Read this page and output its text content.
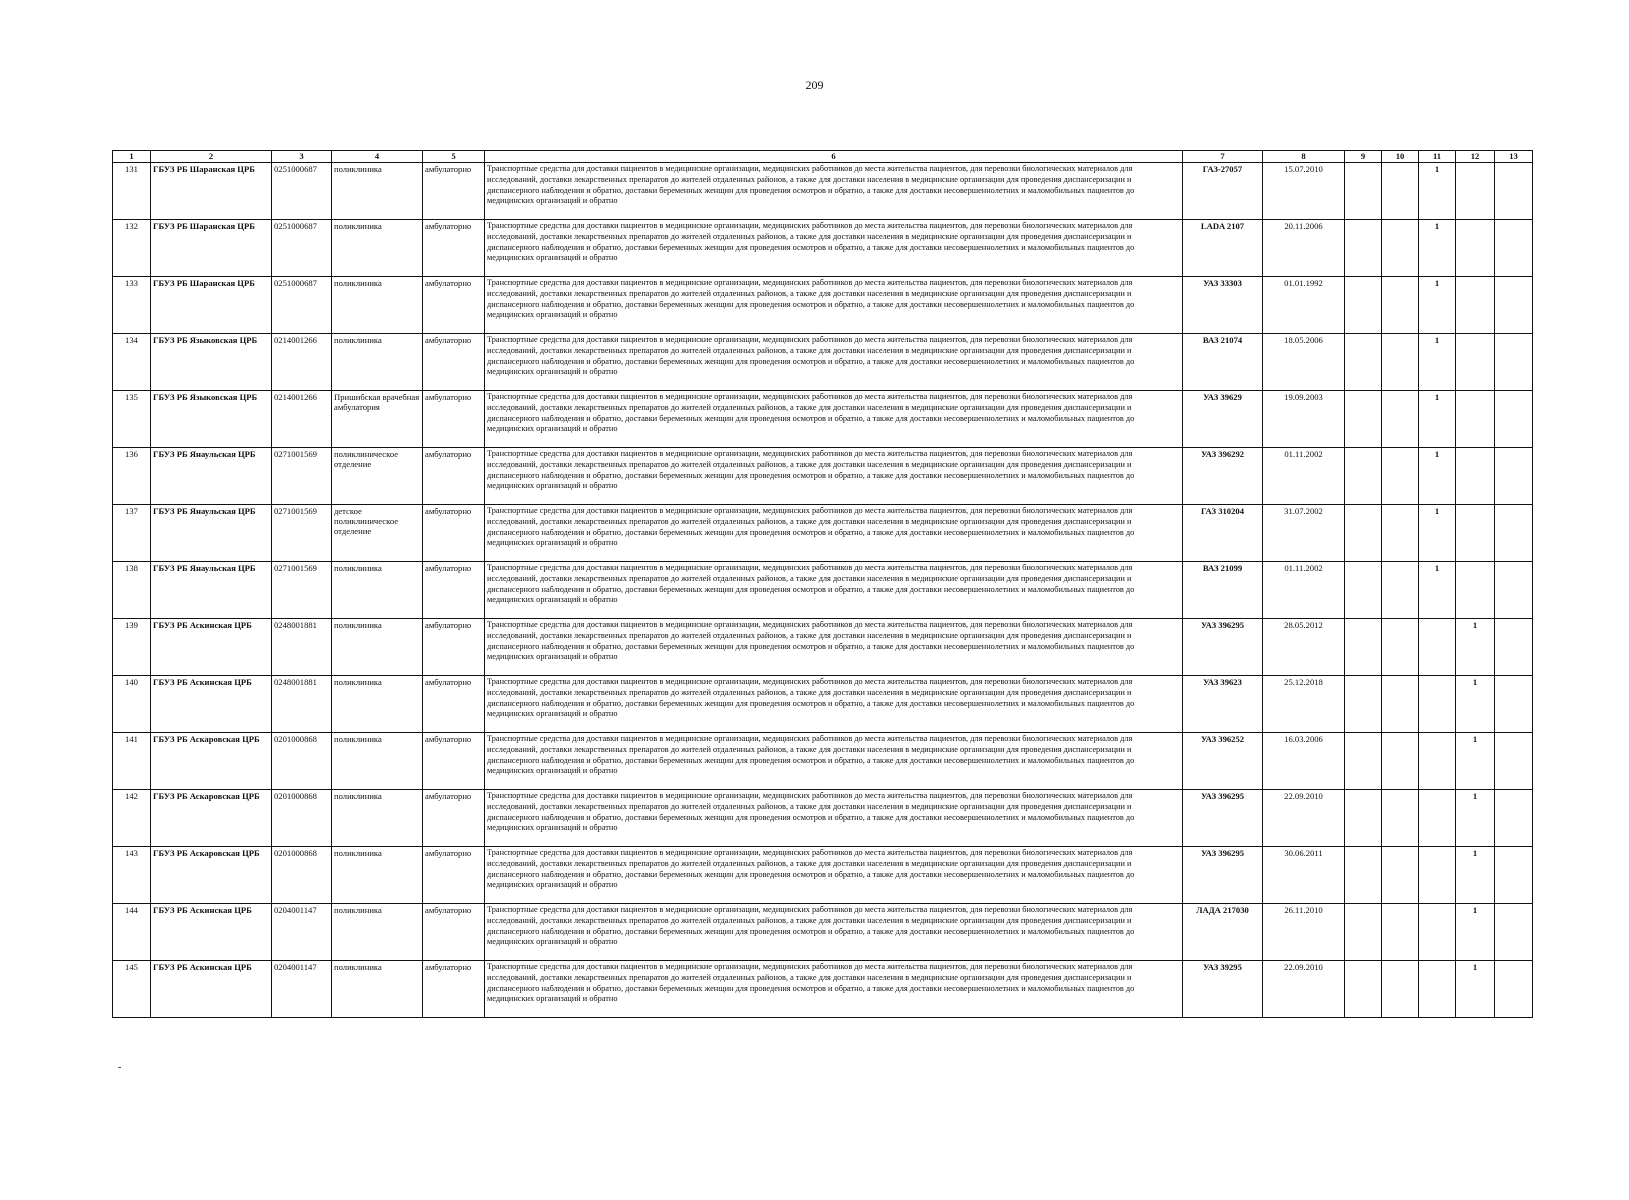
209
1	2	3	4	5	6	7	8	9	10	11	12	13
131	ГБУЗ РБ Шаранская ЦРБ	0251000687	поликлиника	амбулаторно	Транспортные средства для доставки пациентов в медицинские организации, медицинских работников до места жительства пациентов, для перевозки биологических материалов для исследований, доставки лекарственных препаратов до жителей отдаленных районов, а также для доставки населения в медицинские организации для проведения диспансеризации и диспансерного наблюдения и обратно, доставки беременных женщин для проведения осмотров и обратно, а также для доставки несовершеннолетних и маломобильных пациентов до медицинских организаций и обратно	ГАЗ-27057	15.07.2010			1		
132	ГБУЗ РБ Шаранская ЦРБ	0251000687	поликлиника	амбулаторно	Транспортные средства для доставки пациентов в медицинские организации, медицинских работников до места жительства пациентов, для перевозки биологических материалов для исследований, доставки лекарственных препаратов до жителей отдаленных районов, а также для доставки населения в медицинские организации для проведения диспансеризации и диспансерного наблюдения и обратно, доставки беременных женщин для проведения осмотров и обратно, а также для доставки несовершеннолетних и маломобильных пациентов до медицинских организаций и обратно	LADA 2107	20.11.2006			1		
133	ГБУЗ РБ Шаранская ЦРБ	0251000687	поликлиника	амбулаторно	Транспортные средства для доставки пациентов в медицинские организации, медицинских работников до места жительства пациентов, для перевозки биологических материалов для исследований, доставки лекарственных препаратов до жителей отдаленных районов, а также для доставки населения в медицинские организации для проведения диспансеризации и диспансерного наблюдения и обратно, доставки беременных женщин для проведения осмотров и обратно, а также для доставки несовершеннолетних и маломобильных пациентов до медицинских организаций и обратно	УАЗ 33303	01.01.1992			1		
134	ГБУЗ РБ Языковская ЦРБ	0214001266	поликлиника	амбулаторно	Транспортные средства для доставки пациентов в медицинские организации, медицинских работников до места жительства пациентов, для перевозки биологических материалов для исследований, доставки лекарственных препаратов до жителей отдаленных районов, а также для доставки населения в медицинские организации для проведения диспансеризации и диспансерного наблюдения и обратно, доставки беременных женщин для проведения осмотров и обратно, а также для доставки несовершеннолетних и маломобильных пациентов до медицинских организаций и обратно	ВАЗ 21074	18.05.2006			1		
135	ГБУЗ РБ Языковская ЦРБ	0214001266	Пришибская врачебная амбулатория	амбулаторно	Транспортные средства для доставки пациентов в медицинские организации, медицинских работников до места жительства пациентов, для перевозки биологических материалов для исследований, доставки лекарственных препаратов до жителей отдаленных районов, а также для доставки населения в медицинские организации для проведения диспансеризации и диспансерного наблюдения и обратно, доставки беременных женщин для проведения осмотров и обратно, а также для доставки несовершеннолетних и маломобильных пациентов до медицинских организаций и обратно	УАЗ 39629	19.09.2003			1		
136	ГБУЗ РБ Янаульская ЦРБ	0271001569	поликлиническое отделение	амбулаторно	Транспортные средства для доставки пациентов в медицинские организации, медицинских работников до места жительства пациентов, для перевозки биологических материалов для исследований, доставки лекарственных препаратов до жителей отдаленных районов, а также для доставки населения в медицинские организации для проведения диспансеризации и диспансерного наблюдения и обратно, доставки беременных женщин для проведения осмотров и обратно, а также для доставки несовершеннолетних и маломобильных пациентов до медицинских организаций и обратно	УАЗ 396292	01.11.2002			1		
137	ГБУЗ РБ Янаульская ЦРБ	0271001569	детское поликлиническое отделение	амбулаторно	Транспортные средства для доставки пациентов в медицинские организации, медицинских работников до места жительства пациентов, для перевозки биологических материалов для исследований, доставки лекарственных препаратов до жителей отдаленных районов, а также для доставки населения в медицинские организации для проведения диспансеризации и диспансерного наблюдения и обратно, доставки беременных женщин для проведения осмотров и обратно, а также для доставки несовершеннолетних и маломобильных пациентов до медицинских организаций и обратно	ГАЗ 310204	31.07.2002			1		
138	ГБУЗ РБ Янаульская ЦРБ	0271001569	поликлиника	амбулаторно	Транспортные средства для доставки пациентов в медицинские организации, медицинских работников до места жительства пациентов, для перевозки биологических материалов для исследований, доставки лекарственных препаратов до жителей отдаленных районов, а также для доставки населения в медицинские организации для проведения диспансеризации и диспансерного наблюдения и обратно, доставки беременных женщин для проведения осмотров и обратно, а также для доставки несовершеннолетних и маломобильных пациентов до медицинских организаций и обратно	ВАЗ 21099	01.11.2002			1		
139	ГБУЗ РБ Аскинская ЦРБ	0248001881	поликлиника	амбулаторно	Транспортные средства для доставки пациентов в медицинские организации, медицинских работников до места жительства пациентов, для перевозки биологических материалов для исследований, доставки лекарственных препаратов до жителей отдаленных районов, а также для доставки населения в медицинские организации для проведения диспансеризации и диспансерного наблюдения и обратно, доставки беременных женщин для проведения осмотров и обратно, а также для доставки несовершеннолетних и маломобильных пациентов до медицинских организаций и обратно	УАЗ 396295	28.05.2012				1	
140	ГБУЗ РБ Аскинская ЦРБ	0248001881	поликлиника	амбулаторно	Транспортные средства для доставки пациентов в медицинские организации, медицинских работников до места жительства пациентов, для перевозки биологических материалов для исследований, доставки лекарственных препаратов до жителей отдаленных районов, а также для доставки населения в медицинские организации для проведения диспансеризации и диспансерного наблюдения и обратно, доставки беременных женщин для проведения осмотров и обратно, а также для доставки несовершеннолетних и маломобильных пациентов до медицинских организаций и обратно	УАЗ 39623	25.12.2018				1	
141	ГБУЗ РБ Аскаровская ЦРБ	0201000868	поликлиника	амбулаторно	Транспортные средства для доставки пациентов в медицинские организации, медицинских работников до места жительства пациентов, для перевозки биологических материалов для исследований, доставки лекарственных препаратов до жителей отдаленных районов, а также для доставки населения в медицинские организации для проведения диспансеризации и диспансерного наблюдения и обратно, доставки беременных женщин для проведения осмотров и обратно, а также для доставки несовершеннолетних и маломобильных пациентов до медицинских организаций и обратно	УАЗ 396252	16.03.2006				1	
142	ГБУЗ РБ Аскаровская ЦРБ	0201000868	поликлиника	амбулаторно	Транспортные средства для доставки пациентов в медицинские организации, медицинских работников до места жительства пациентов, для перевозки биологических материалов для исследований, доставки лекарственных препаратов до жителей отдаленных районов, а также для доставки населения в медицинские организации для проведения диспансеризации и диспансерного наблюдения и обратно, доставки беременных женщин для проведения осмотров и обратно, а также для доставки несовершеннолетних и маломобильных пациентов до медицинских организаций и обратно	УАЗ 396295	22.09.2010				1	
143	ГБУЗ РБ Аскаровская ЦРБ	0201000868	поликлиника	амбулаторно	Транспортные средства для доставки пациентов в медицинские организации, медицинских работников до места жительства пациентов, для перевозки биологических материалов для исследований, доставки лекарственных препаратов до жителей отдаленных районов, а также для доставки населения в медицинские организации для проведения диспансеризации и диспансерного наблюдения и обратно, доставки беременных женщин для проведения осмотров и обратно, а также для доставки несовершеннолетних и маломобильных пациентов до медицинских организаций и обратно	УАЗ 396295	30.06.2011				1	
144	ГБУЗ РБ Аскинская ЦРБ	0204001147	поликлиника	амбулаторно	Транспортные средства для доставки пациентов в медицинские организации, медицинских работников до места жительства пациентов, для перевозки биологических материалов для исследований, доставки лекарственных препаратов до жителей отдаленных районов, а также для доставки населения в медицинские организации для проведения диспансеризации и диспансерного наблюдения и обратно, доставки беременных женщин для проведения осмотров и обратно, а также для доставки несовершеннолетних и маломобильных пациентов до медицинских организаций и обратно	ЛАДА 217030	26.11.2010				1	
145	ГБУЗ РБ Аскинская ЦРБ	0204001147	поликлиника	амбулаторно	Транспортные средства для доставки пациентов в медицинские организации, медицинских работников до места жительства пациентов, для перевозки биологических материалов для исследований, доставки лекарственных препаратов до жителей отдаленных районов, а также для доставки населения в медицинские организации для проведения диспансеризации и диспансерного наблюдения и обратно, доставки беременных женщин для проведения осмотров и обратно, а также для доставки несовершеннолетних и маломобильных пациентов до медицинских организаций и обратно	УАЗ 39295	22.09.2010				1	
-
